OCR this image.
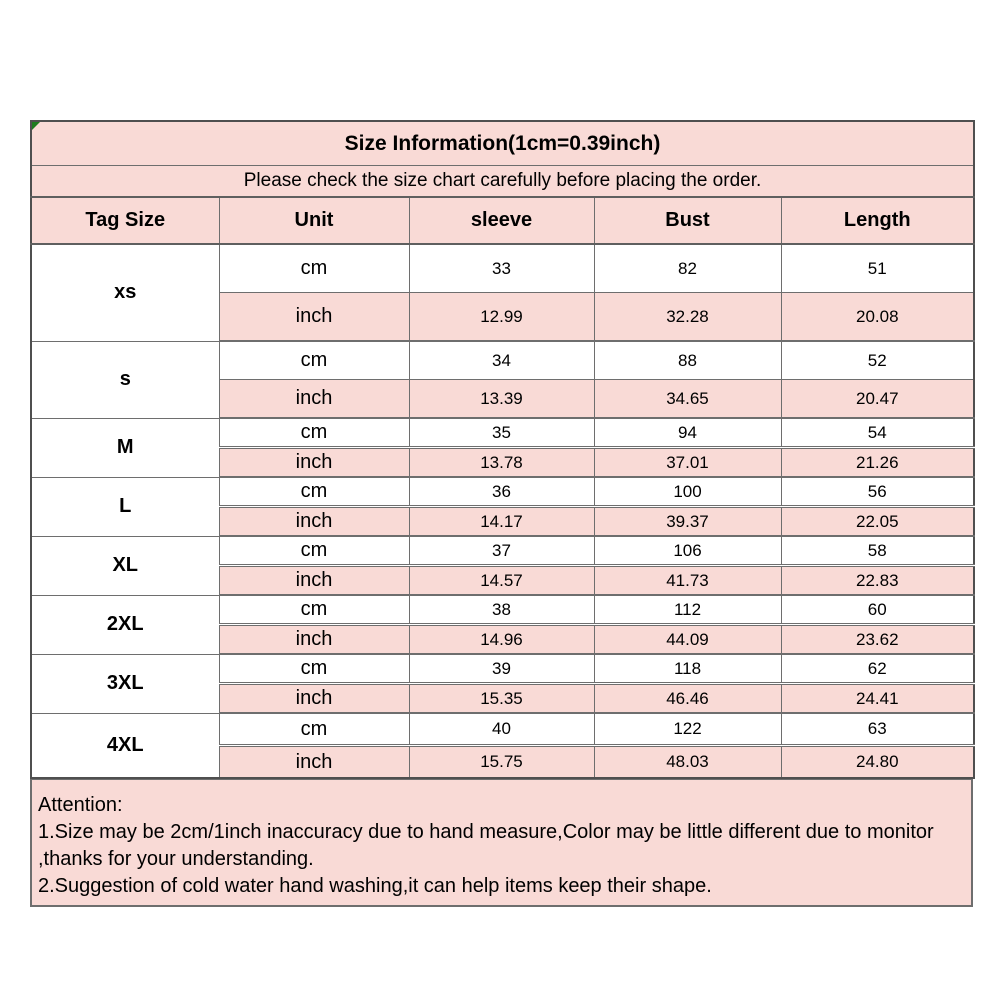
Size Information(1cm=0.39inch)				
Please check the size chart carefully before placing the order.				
Tag Size	Unit	sleeve	Bust	Length
xs	cm	33	82	51
	inch	12.99	32.28	20.08
s	cm	34	88	52
	inch	13.39	34.65	20.47
M	cm	35	94	54
	inch	13.78	37.01	21.26
L	cm	36	100	56
	inch	14.17	39.37	22.05
XL	cm	37	106	58
	inch	14.57	41.73	22.83
2XL	cm	38	112	60
	inch	14.96	44.09	23.62
3XL	cm	39	118	62
	inch	15.35	46.46	24.41
4XL	cm	40	122	63
	inch	15.75	48.03	24.80
Attention:
1.Size may be 2cm/1inch inaccuracy due to hand measure,Color may be little different due to monitor
,thanks for your understanding.
2.Suggestion of cold water hand washing,it can help items keep their shape.
